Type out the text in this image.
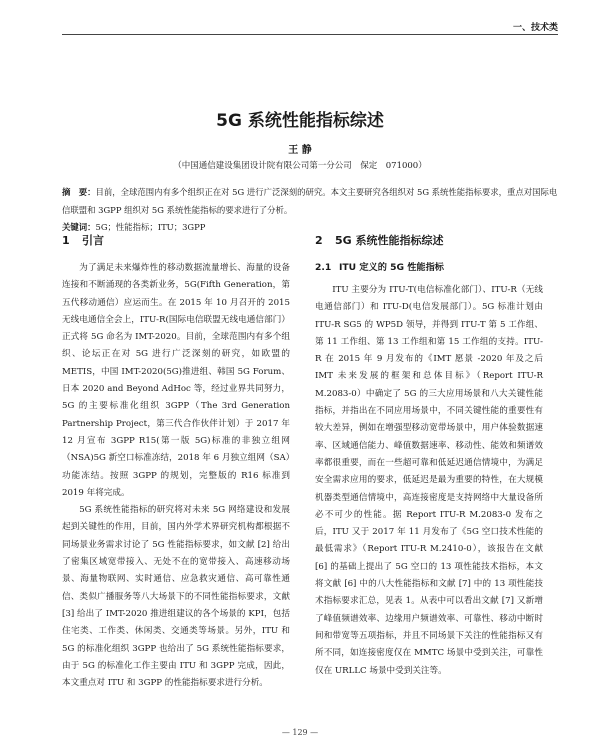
一、技术类
5G 系统性能指标综述
王 静
（中国通信建设集团设计院有限公司第一分公司　保定　071000）
摘　要：目前，全球范围内有多个组织正在对 5G 进行广泛深刻的研究。本文主要研究各组织对 5G 系统性能指标要求，重点对国际电信联盟和 3GPP 组织对 5G 系统性能指标的要求进行了分析。
关键词：5G；性能指标；ITU；3GPP
1 引言

为了满足未来爆炸性的移动数据流量增长、海量的设备连接和不断涌现的各类新业务，5G(Fifth Generation，第五代移动通信）应运而生。在 2015 年 10 月召开的 2015 无线电通信全会上，ITU-R(国际电信联盟无线电通信部门）正式将 5G 命名为 IMT-2020。目前，全球范围内有多个组织、论坛正在对 5G 进行广泛深刻的研究，如欧盟的 METIS，中国 IMT-2020(5G)推进组、韩国 5G Forum、日本 2020 and Beyond AdHoc 等，经过业界共同努力，5G 的主要标准化组织 3GPP（The 3rd Generation Partnership Project，第三代合作伙伴计划）于 2017 年 12 月宣布 3GPP R15(第一版 5G)标准的非独立组网（NSA)5G 新空口标准冻结，2018 年 6 月独立组网（SA）功能冻结。按照 3GPP 的规划，完整版的 R16 标准到 2019 年将完成。

5G 系统性能指标的研究将对未来 5G 网络建设和发展起到关键性的作用，目前，国内外学术界研究机构都根据不同场景业务需求讨论了 5G 性能指标要求，如文献 [2] 给出了密集区域宽带接入、无处不在的宽带接入、高速移动场景、海量物联网、实时通信、应急救灾通信、高可靠性通信、类似广播服务等八大场景下的不同性能指标要求，文献 [3] 给出了 IMT-2020 推进组建议的各个场景的 KPI，包括住宅类、工作类、休闲类、交通类等场景。另外，ITU 和 5G 的标准化组织 3GPP 也给出了 5G 系统性能指标要求，由于 5G 的标准化工作主要由 ITU 和 3GPP 完成，因此，本文重点对 ITU 和 3GPP 的性能指标要求进行分析。

2 5G 系统性能指标综述
2.1 ITU 定义的 5G 性能指标

ITU 主要分为 ITU-T(电信标准化部门）、ITU-R（无线电通信部门）和 ITU-D(电信发展部门）。5G 标准计划由 ITU-R SG5 的 WP5D 领导，并得到 ITU-T 第 5 工作组、第 11 工作组、第 13 工作组和第 15 工作组的支持。ITU-R 在 2015 年 9 月发布的《IMT 愿景 -2020 年及之后 IMT 未来发展的框架和总体目标》（Report ITU-R M.2083-0）中确定了 5G 的三大应用场景和八大关键性能指标，并指出在不同应用场景中，不同关键性能的重要性有较大差异，例如在增强型移动宽带场景中，用户体验数据速率、区域通信能力、峰值数据速率、移动性、能效和频谱效率都很重要，而在一些超可靠和低延迟通信情境中，为满足安全需求应用的要求，低延迟是最为重要的特性，在大规模机器类型通信情境中，高连接密度是支持网络中大量设备所必不可少的性能。据 Report ITU-R M.2083-0 发布之后，ITU 又于 2017 年 11 月发布了《5G 空口技术性能的最低需求》（Report ITU-R M.2410-0），该报告在文献 [6] 的基础上提出了 5G 空口的 13 项性能技术指标，本文将文献 [6] 中的八大性能指标和文献 [7] 中的 13 项性能技术指标要求汇总，见表 1。从表中可以看出文献 [7] 又新增了峰值频谱效率、边缘用户频谱效率、可靠性、移动中断时间和带宽等五项指标，并且不同场景下关注的性能指标又有所不同，如连接密度仅在 MMTC 场景中受到关注，可靠性仅在 URLLC 场景中受到关注等。

— 129 —
